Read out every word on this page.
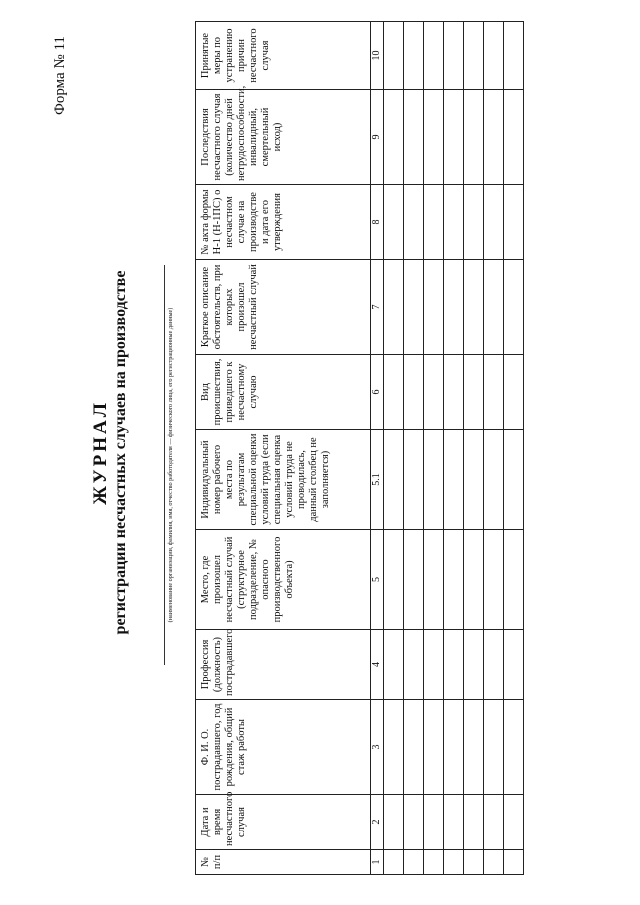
Форма № 11
ЖУРНАЛ регистрации несчастных случаев на производстве	(наименование организации, фамилия, имя, отчество работодателя — физического лица, его регистрационные данные)
№ п/п	Дата и время несчастного случая	Ф. И. О. пострадавшего, год рождения, общий стаж работы	Профессия (должность) пострадавшего	Место, где произошел несчастный случай (структурное подразделение, № опасного производственного объекта)	Индивидуальный номер рабочего места по результатам специальной оценки условий труда (если специальная оценка условий труда не проводилась, данный столбец не заполняется)	Вид происшествия, приведшего к несчастному случаю	Краткое описание обстоятельств, при которых произошел несчастный случай	№ акта формы Н-1 (Н-1ПС) о несчастном случае на производстве и дата его утверждения	Последствия несчастного случая (количество дней нетрудоспособности, инвалидный, смертельный исход)	Принятые меры по устранению причин несчастного случая
1	2	3	4	5	5.1	6	7	8	9	10
